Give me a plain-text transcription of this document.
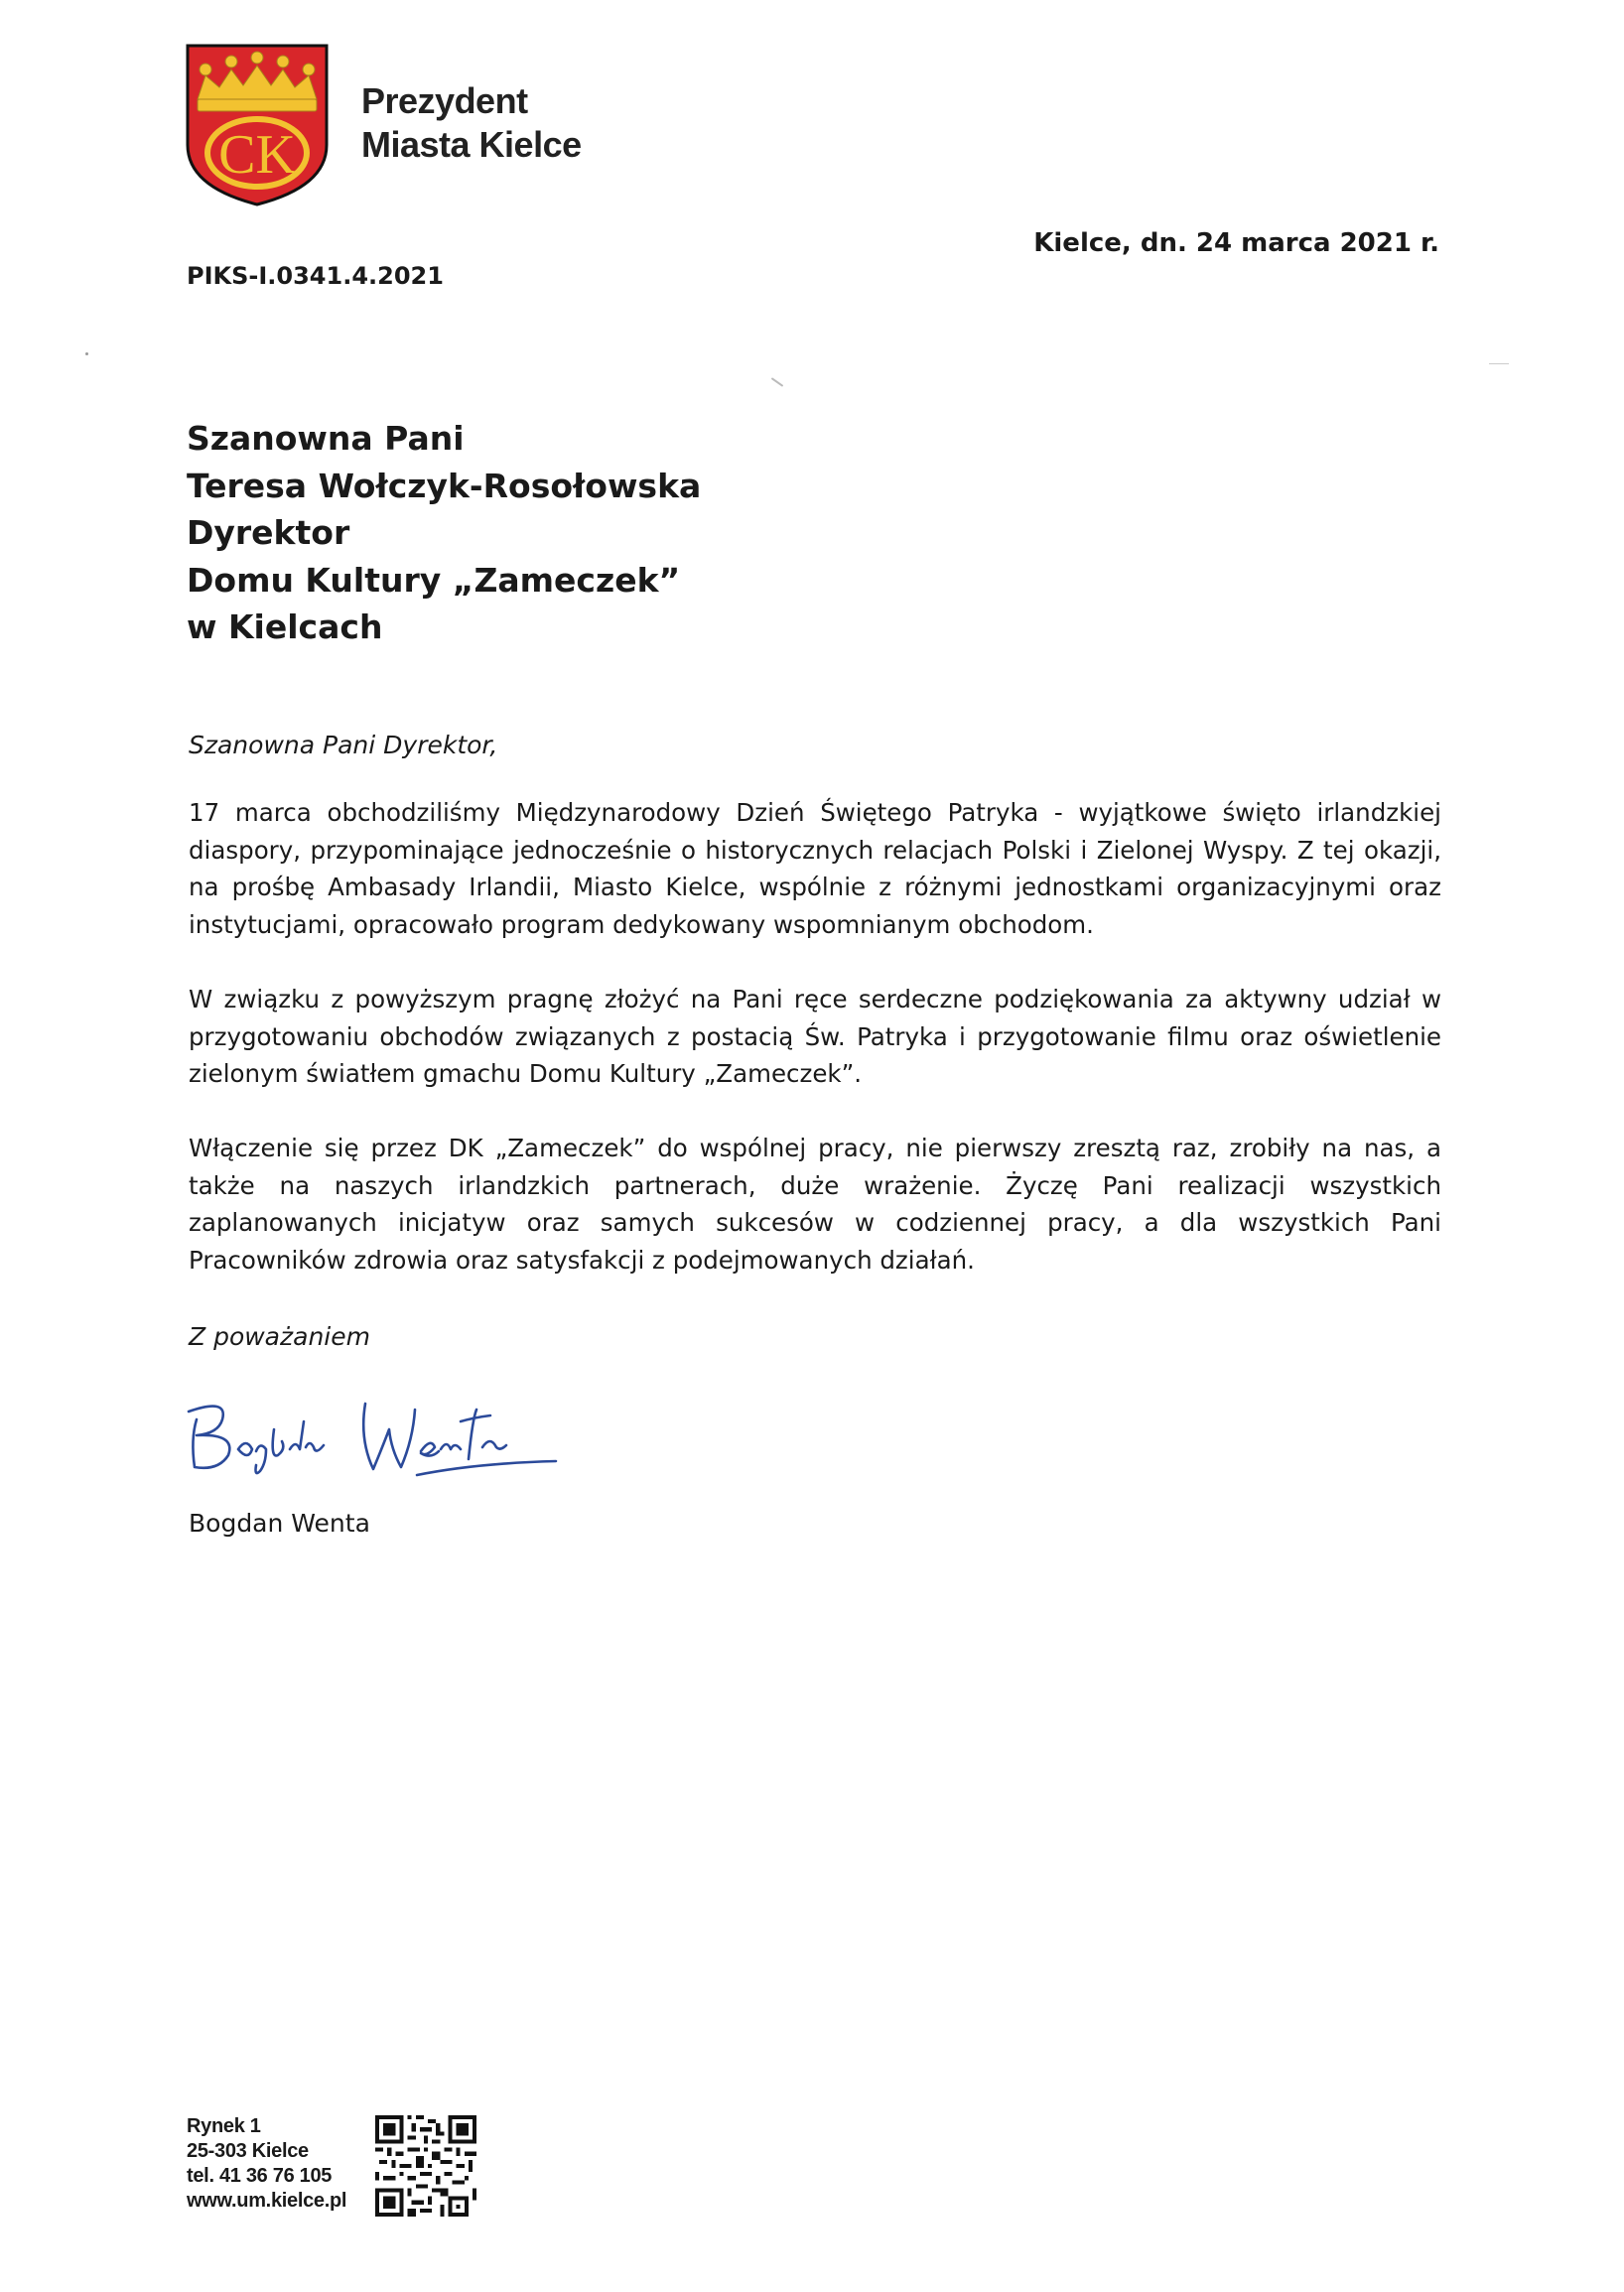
CK
Prezydent
Miasta Kielce
Kielce, dn. 24 marca 2021 r.
PIKS-I.0341.4.2021
Szanowna Pani
Teresa Wołczyk-Rosołowska
Dyrektor
Domu Kultury „Zameczek”
w Kielcach
Szanowna Pani Dyrektor,
17 marca obchodziliśmy Międzynarodowy Dzień Świętego Patryka - wyjątkowe święto irlandzkiej diaspory, przypominające jednocześnie o historycznych relacjach Polski i Zielonej Wyspy. Z tej okazji, na prośbę Ambasady Irlandii, Miasto Kielce, wspólnie z różnymi jednostkami organizacyjnymi oraz instytucjami, opracowało program dedykowany wspomnianym obchodom.
W związku z powyższym pragnę złożyć na Pani ręce serdeczne podziękowania za aktywny udział w przygotowaniu obchodów związanych z postacią Św. Patryka i przygotowanie filmu oraz oświetlenie zielonym światłem gmachu Domu Kultury „Zameczek”.
Włączenie się przez DK „Zameczek” do wspólnej pracy, nie pierwszy zresztą raz, zrobiły na nas, a także na naszych irlandzkich partnerach, duże wrażenie. Życzę Pani realizacji wszystkich zaplanowanych inicjatyw oraz samych sukcesów w codziennej pracy, a dla wszystkich Pani Pracowników zdrowia oraz satysfakcji z podejmowanych działań.
Z poważaniem
Bogdan Wenta
Bogdan Wenta
Rynek 1
25-303 Kielce
tel. 41 36 76 105
www.um.kielce.pl
